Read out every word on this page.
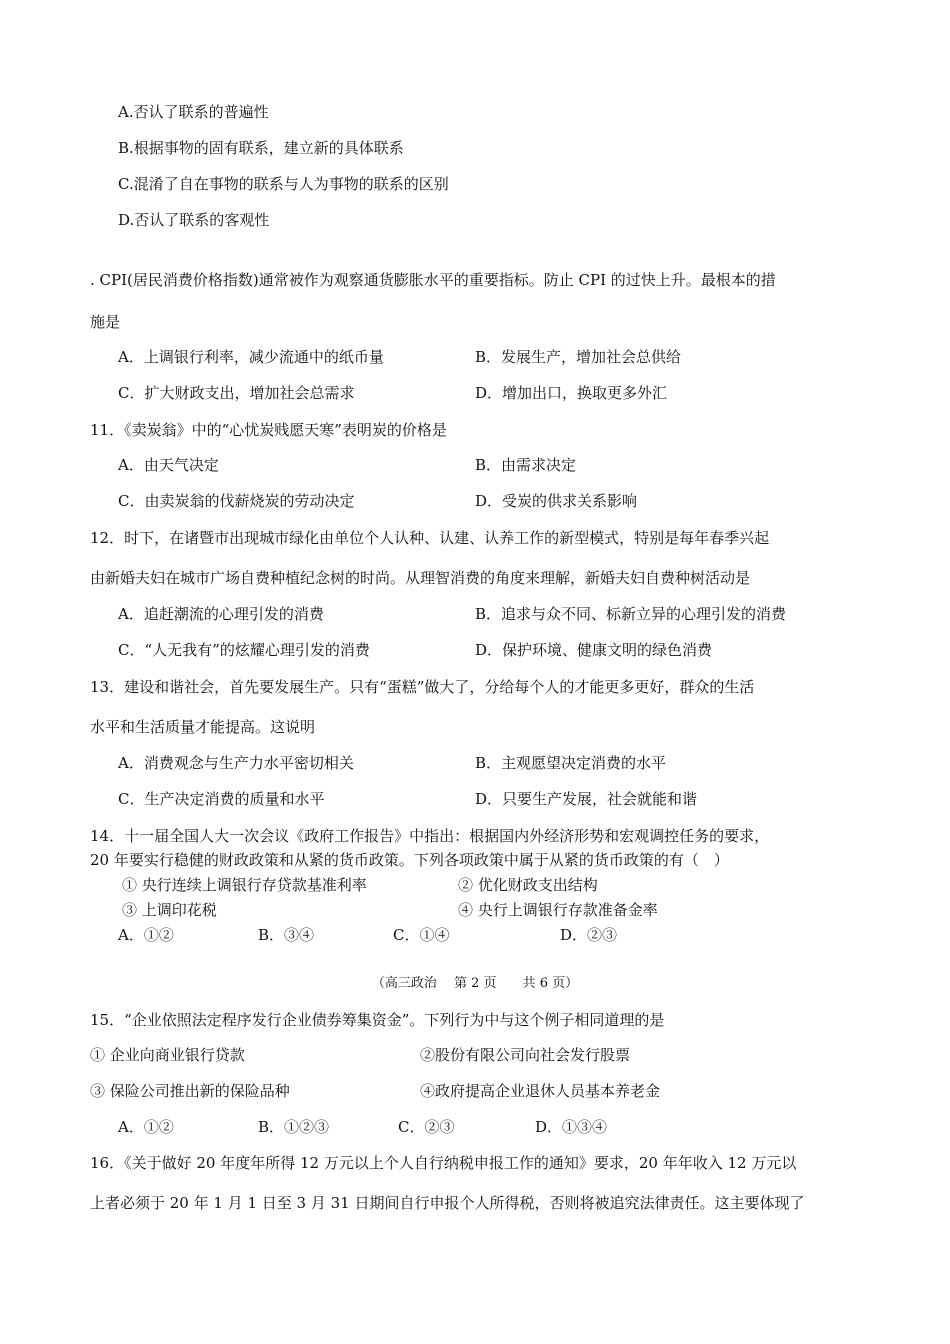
A.否认了联系的普遍性
B.根据事物的固有联系，建立新的具体联系
C.混淆了自在事物的联系与人为事物的联系的区别
D.否认了联系的客观性
. CPI(居民消费价格指数)通常被作为观察通货膨胀水平的重要指标。防止 CPI 的过快上升。最根本的措
施是
A．上调银行利率，减少流通中的纸币量	B．发展生产，增加社会总供给
C．扩大财政支出，增加社会总需求	D．增加出口，换取更多外汇
11．《卖炭翁》中的“心忧炭贱愿天寒”表明炭的价格是
A．由天气决定	B．由需求决定
C．由卖炭翁的伐薪烧炭的劳动决定	D．受炭的供求关系影响
12．时下，在诸暨市出现城市绿化由单位个人认种、认建、认养工作的新型模式，特别是每年春季兴起
由新婚夫妇在城市广场自费种植纪念树的时尚。从理智消费的角度来理解，新婚夫妇自费种树活动是
A．追赶潮流的心理引发的消费	B．追求与众不同、标新立异的心理引发的消费
C．“人无我有”的炫耀心理引发的消费	D．保护环境、健康文明的绿色消费
13．建设和谐社会，首先要发展生产。只有“蛋糕”做大了，分给每个人的才能更多更好，群众的生活
水平和生活质量才能提高。这说明
A．消费观念与生产力水平密切相关	B．主观愿望决定消费的水平
C．生产决定消费的质量和水平	D．只要生产发展，社会就能和谐
14．十一届全国人大一次会议《政府工作报告》中指出：根据国内外经济形势和宏观调控任务的要求，
20 年要实行稳健的财政政策和从紧的货币政策。下列各项政策中属于从紧的货币政策的有（　）
① 央行连续上调银行存贷款基准利率	② 优化财政支出结构
③ 上调印花税	④ 央行上调银行存款准备金率
A．①②	B．③④	C．①④	D．②③
（高三政治　 第 2 页　　共 6 页）
15．“企业依照法定程序发行企业债券筹集资金”。下列行为中与这个例子相同道理的是
① 企业向商业银行贷款	②股份有限公司向社会发行股票
③ 保险公司推出新的保险品种	④政府提高企业退休人员基本养老金
A．①②	B．①②③	C．②③	D．①③④
16．《关于做好 20 年度年所得 12 万元以上个人自行纳税申报工作的通知》要求，20 年年收入 12 万元以
上者必须于 20 年 1 月 1 日至 3 月 31 日期间自行申报个人所得税，否则将被追究法律责任。这主要体现了
